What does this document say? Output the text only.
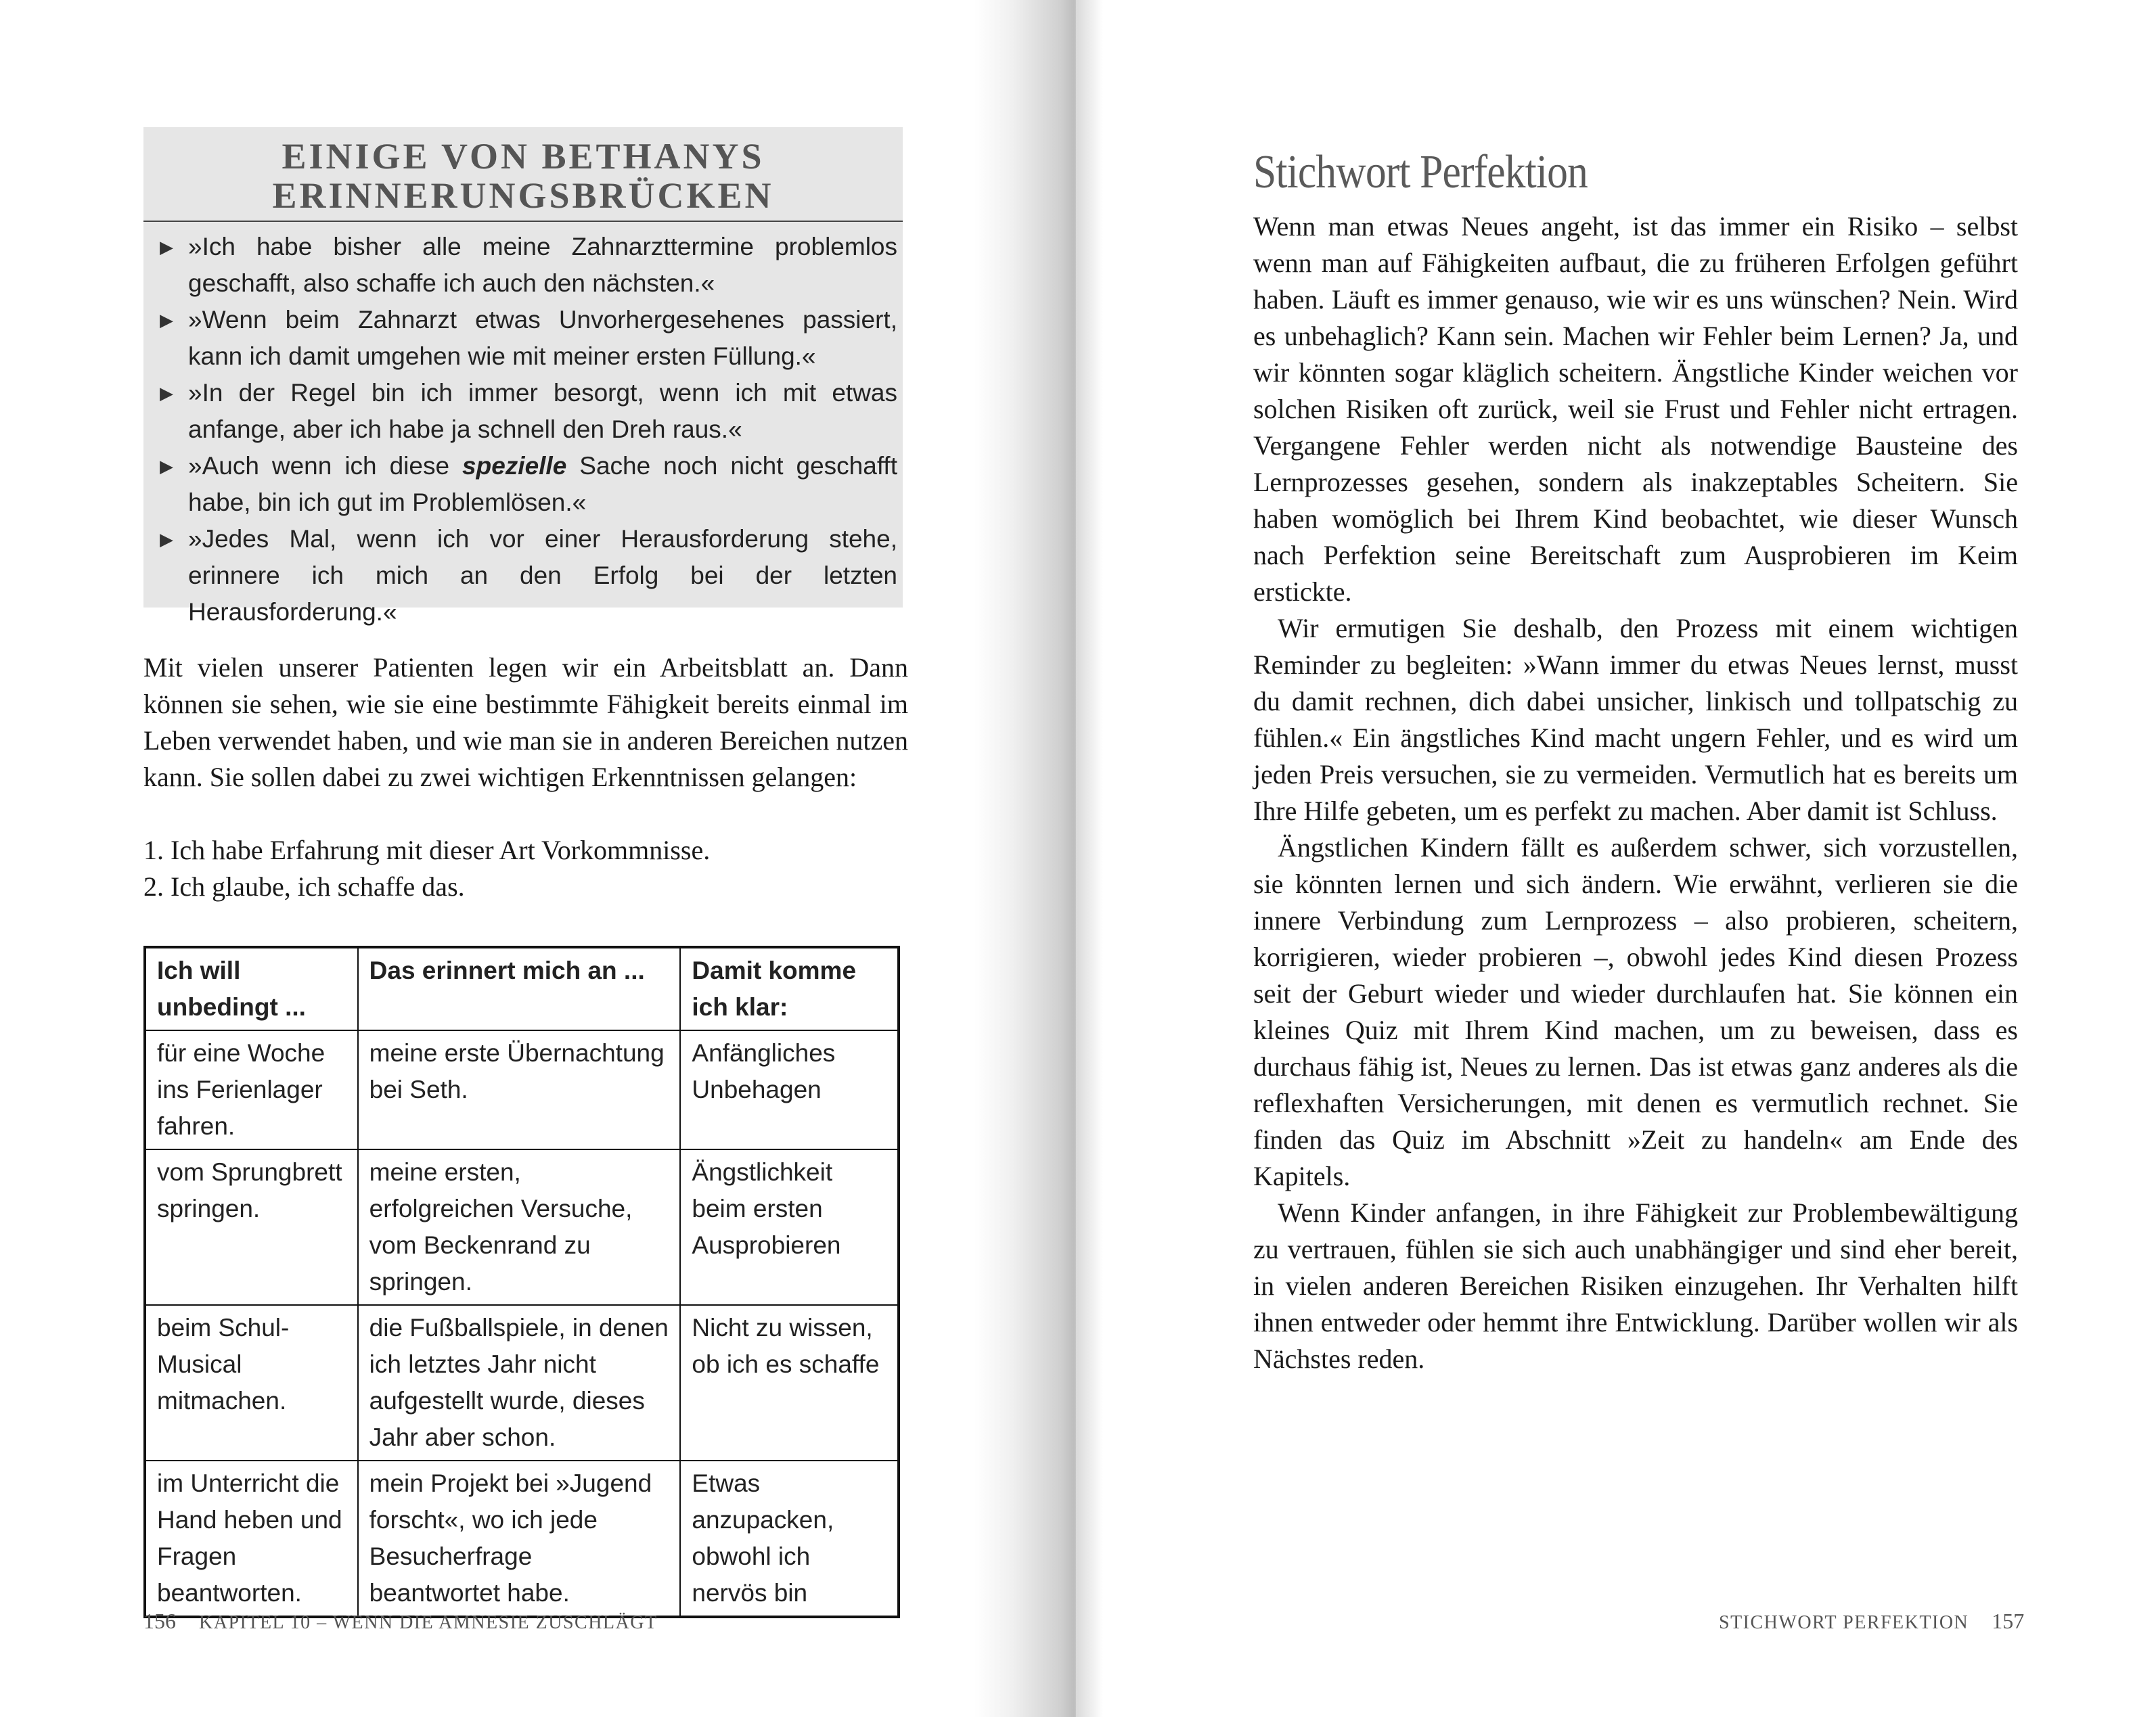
EINIGE VON BETHANYS
ERINNERUNGSBRÜCKEN
▶ »Ich habe bisher alle meine Zahnarzttermine problemlos geschafft, also schaffe ich auch den nächsten.«
▶ »Wenn beim Zahnarzt etwas Unvorhergesehenes passiert, kann ich damit umgehen wie mit meiner ersten Füllung.«
▶ »In der Regel bin ich immer besorgt, wenn ich mit etwas anfange, aber ich habe ja schnell den Dreh raus.«
▶ »Auch wenn ich diese spezielle Sache noch nicht geschafft habe, bin ich gut im Problemlösen.«
▶ »Jedes Mal, wenn ich vor einer Herausforderung stehe, erinnere ich mich an den Erfolg bei der letzten Herausforderung.«

Mit vielen unserer Patienten legen wir ein Arbeitsblatt an. Dann können sie sehen, wie sie eine bestimmte Fähigkeit bereits einmal im Leben verwendet haben, und wie man sie in anderen Bereichen nutzen kann. Sie sollen dabei zu zwei wichtigen Erkenntnissen gelangen:

1. Ich habe Erfahrung mit dieser Art Vorkommnisse.
2. Ich glaube, ich schaffe das.
Ich will unbedingt ...	Das erinnert mich an ...	Damit komme ich klar:
für eine Woche ins Ferienlager fahren.	meine erste Übernachtung bei Seth.	Anfängliches Unbehagen
vom Sprungbrett springen.	meine ersten, erfolgreichen Versuche, vom Beckenrand zu springen.	Ängstlichkeit beim ersten Ausprobieren
beim Schul-Musical mitmachen.	die Fußballspiele, in denen ich letztes Jahr nicht aufgestellt wurde, dieses Jahr aber schon.	Nicht zu wissen, ob ich es schaffe
im Unterricht die Hand heben und Fragen beantworten.	mein Projekt bei »Jugend forscht«, wo ich jede Besucherfrage beantwortet habe.	Etwas anzupacken, obwohl ich nervös bin
156 KAPITEL 10 – WENN DIE AMNESIE ZUSCHLÄGT
Stichwort Perfektion

Wenn man etwas Neues angeht, ist das immer ein Risiko – selbst wenn man auf Fähigkeiten aufbaut, die zu früheren Erfolgen geführt haben. Läuft es immer genauso, wie wir es uns wünschen? Nein. Wird es unbehaglich? Kann sein. Machen wir Fehler beim Lernen? Ja, und wir könnten sogar kläglich scheitern. Ängstliche Kinder weichen vor solchen Risiken oft zurück, weil sie Frust und Fehler nicht ertragen. Vergangene Fehler werden nicht als notwendige Bausteine des Lernprozesses gesehen, sondern als inakzeptables Scheitern. Sie haben womöglich bei Ihrem Kind beobachtet, wie dieser Wunsch nach Perfektion seine Bereitschaft zum Ausprobieren im Keim erstickte.

Wir ermutigen Sie deshalb, den Prozess mit einem wichtigen Reminder zu begleiten: »Wann immer du etwas Neues lernst, musst du damit rechnen, dich dabei unsicher, linkisch und tollpatschig zu fühlen.« Ein ängstliches Kind macht ungern Fehler, und es wird um jeden Preis versuchen, sie zu vermeiden. Vermutlich hat es bereits um Ihre Hilfe gebeten, um es perfekt zu machen. Aber damit ist Schluss.

Ängstlichen Kindern fällt es außerdem schwer, sich vorzustellen, sie könnten lernen und sich ändern. Wie erwähnt, verlieren sie die innere Verbindung zum Lernprozess – also probieren, scheitern, korrigieren, wieder probieren –, obwohl jedes Kind diesen Prozess seit der Geburt wieder und wieder durchlaufen hat. Sie können ein kleines Quiz mit Ihrem Kind machen, um zu beweisen, dass es durchaus fähig ist, Neues zu lernen. Das ist etwas ganz anderes als die reflexhaften Versicherungen, mit denen es vermutlich rechnet. Sie finden das Quiz im Abschnitt »Zeit zu handeln« am Ende des Kapitels.

Wenn Kinder anfangen, in ihre Fähigkeit zur Problembewältigung zu vertrauen, fühlen sie sich auch unabhängiger und sind eher bereit, in vielen anderen Bereichen Risiken einzugehen. Ihr Verhalten hilft ihnen entweder oder hemmt ihre Entwicklung. Darüber wollen wir als Nächstes reden.

STICHWORT PERFEKTION 157
